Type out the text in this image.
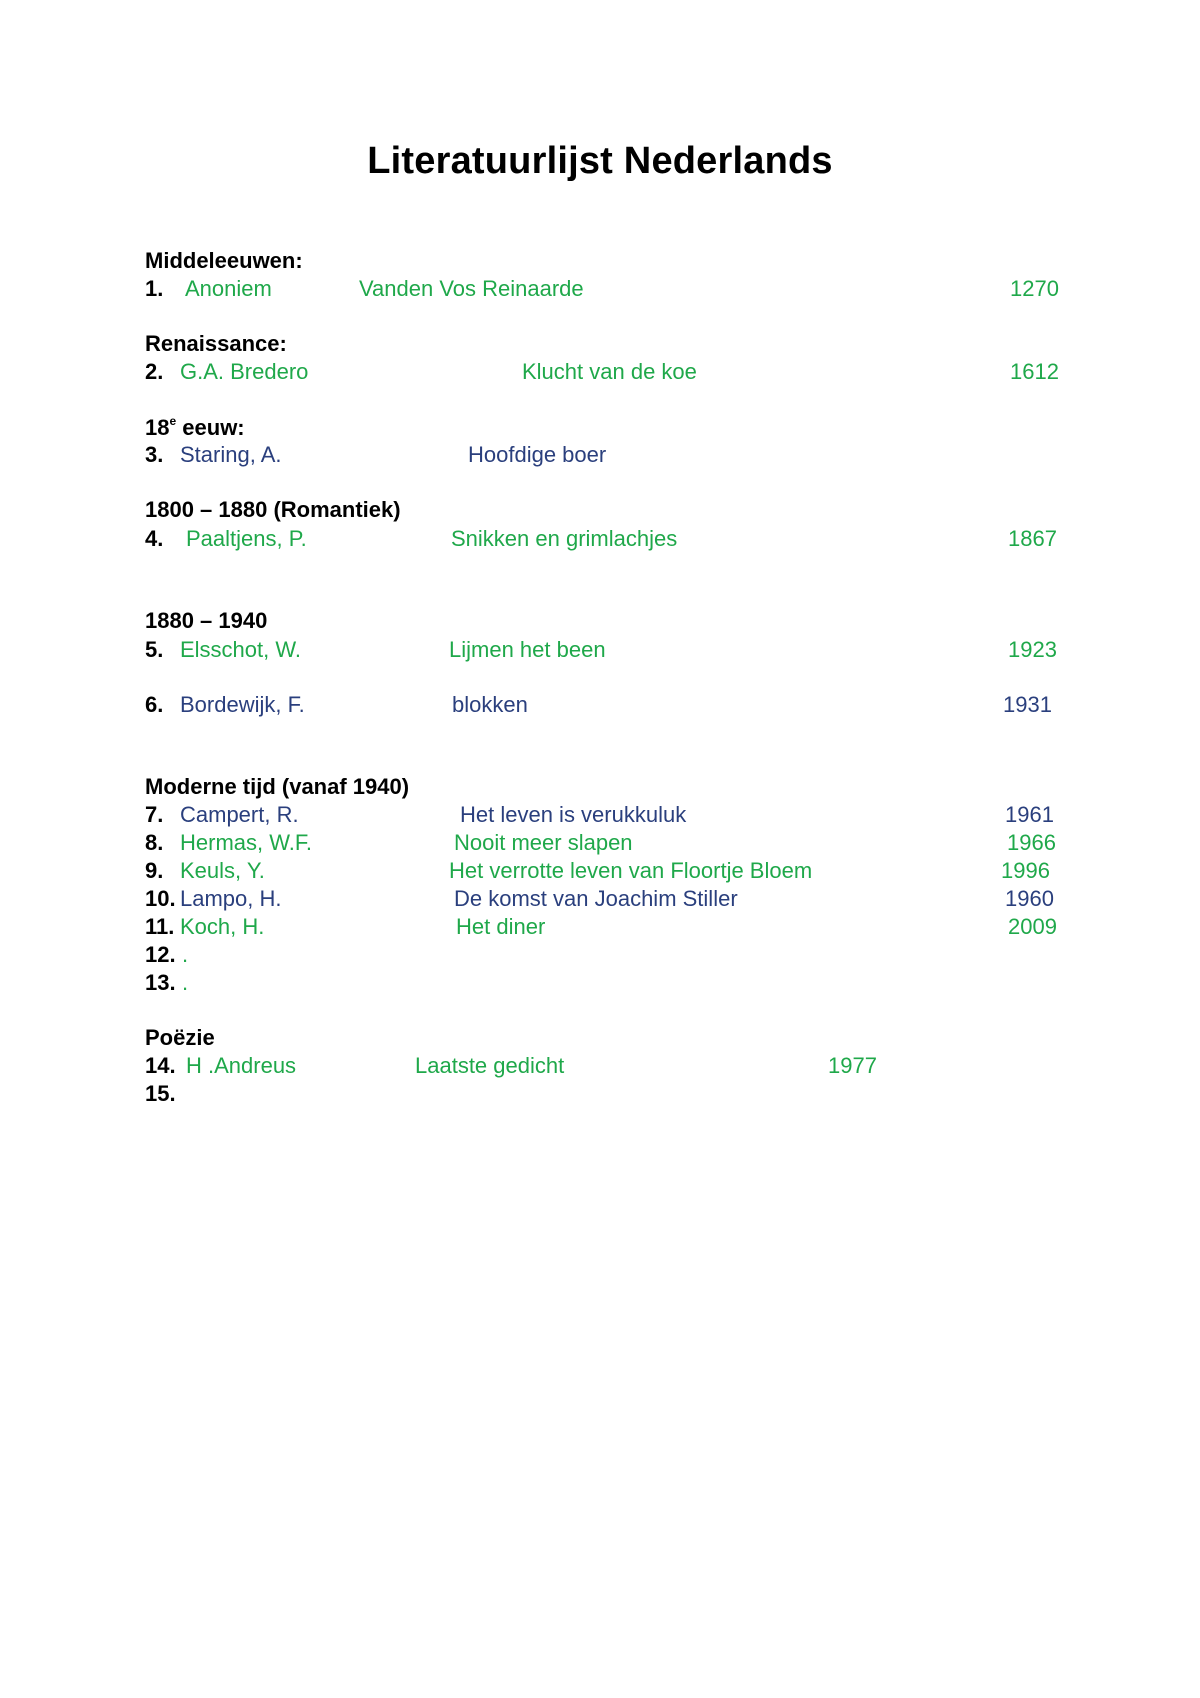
Literatuurlijst Nederlands
Middeleeuwen:
1. Anoniem	Vanden Vos Reinaarde	1270
Renaissance:
2. G.A. Bredero	Klucht van de koe	1612
18e eeuw:
3. Staring, A.	Hoofdige boer
1800 – 1880 (Romantiek)
4. Paaltjens, P.	Snikken en grimlachjes	1867
1880 – 1940
5. Elsschot, W.	Lijmen het been	1923
6. Bordewijk, F.	blokken	1931
Moderne tijd (vanaf 1940)
7. Campert, R.	Het leven is verukkuluk	1961
8. Hermas, W.F.	Nooit meer slapen	1966
9. Keuls, Y.	Het verrotte leven van Floortje Bloem	1996
10. Lampo, H.	De komst van Joachim Stiller	1960
11. Koch, H.	Het diner	2009
12. .
13. .
Poëzie
14. H .Andreus	Laatste gedicht	1977
15.
